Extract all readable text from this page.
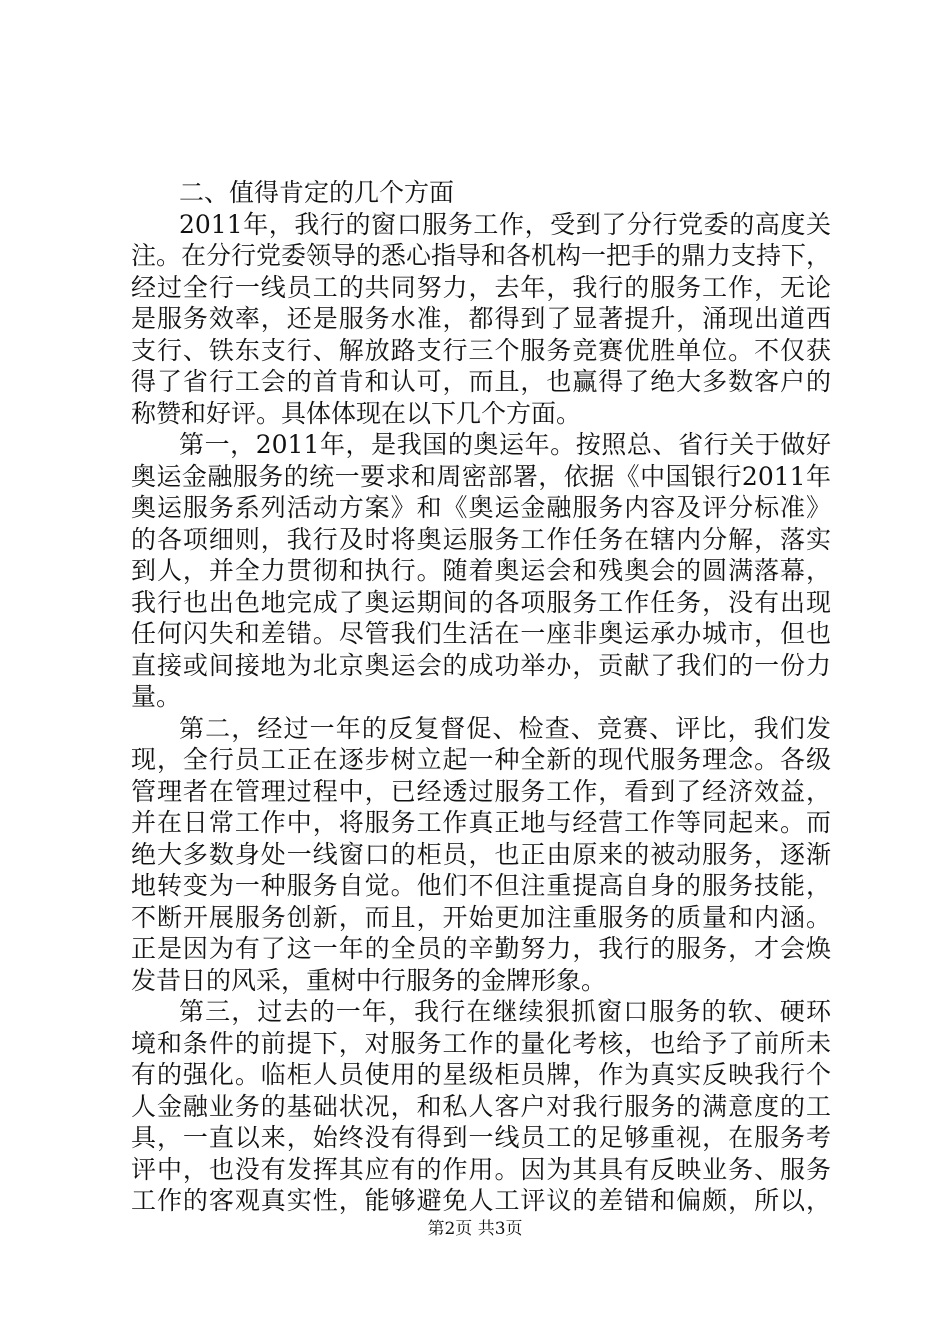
二、值得肯定的几个方面
2011年，我行的窗口服务工作，受到了分行党委的高度关
注。在分行党委领导的悉心指导和各机构一把手的鼎力支持下，
经过全行一线员工的共同努力，去年，我行的服务工作，无论
是服务效率，还是服务水准，都得到了显著提升，涌现出道西
支行、铁东支行、解放路支行三个服务竞赛优胜单位。不仅获
得了省行工会的首肯和认可，而且，也赢得了绝大多数客户的
称赞和好评。具体体现在以下几个方面。
第一，2011年，是我国的奥运年。按照总、省行关于做好
奥运金融服务的统一要求和周密部署，依据《中国银行2011年
奥运服务系列活动方案》和《奥运金融服务内容及评分标准》
的各项细则，我行及时将奥运服务工作任务在辖内分解，落实
到人，并全力贯彻和执行。随着奥运会和残奥会的圆满落幕，
我行也出色地完成了奥运期间的各项服务工作任务，没有出现
任何闪失和差错。尽管我们生活在一座非奥运承办城市，但也
直接或间接地为北京奥运会的成功举办，贡献了我们的一份力
量。
第二，经过一年的反复督促、检查、竞赛、评比，我们发
现，全行员工正在逐步树立起一种全新的现代服务理念。各级
管理者在管理过程中，已经透过服务工作，看到了经济效益，
并在日常工作中，将服务工作真正地与经营工作等同起来。而
绝大多数身处一线窗口的柜员，也正由原来的被动服务，逐渐
地转变为一种服务自觉。他们不但注重提高自身的服务技能，
不断开展服务创新，而且，开始更加注重服务的质量和内涵。
正是因为有了这一年的全员的辛勤努力，我行的服务，才会焕
发昔日的风采，重树中行服务的金牌形象。
第三，过去的一年，我行在继续狠抓窗口服务的软、硬环
境和条件的前提下，对服务工作的量化考核，也给予了前所未
有的强化。临柜人员使用的星级柜员牌，作为真实反映我行个
人金融业务的基础状况，和私人客户对我行服务的满意度的工
具，一直以来，始终没有得到一线员工的足够重视，在服务考
评中，也没有发挥其应有的作用。因为其具有反映业务、服务
工作的客观真实性，能够避免人工评议的差错和偏颇，所以，
第2页 共3页
